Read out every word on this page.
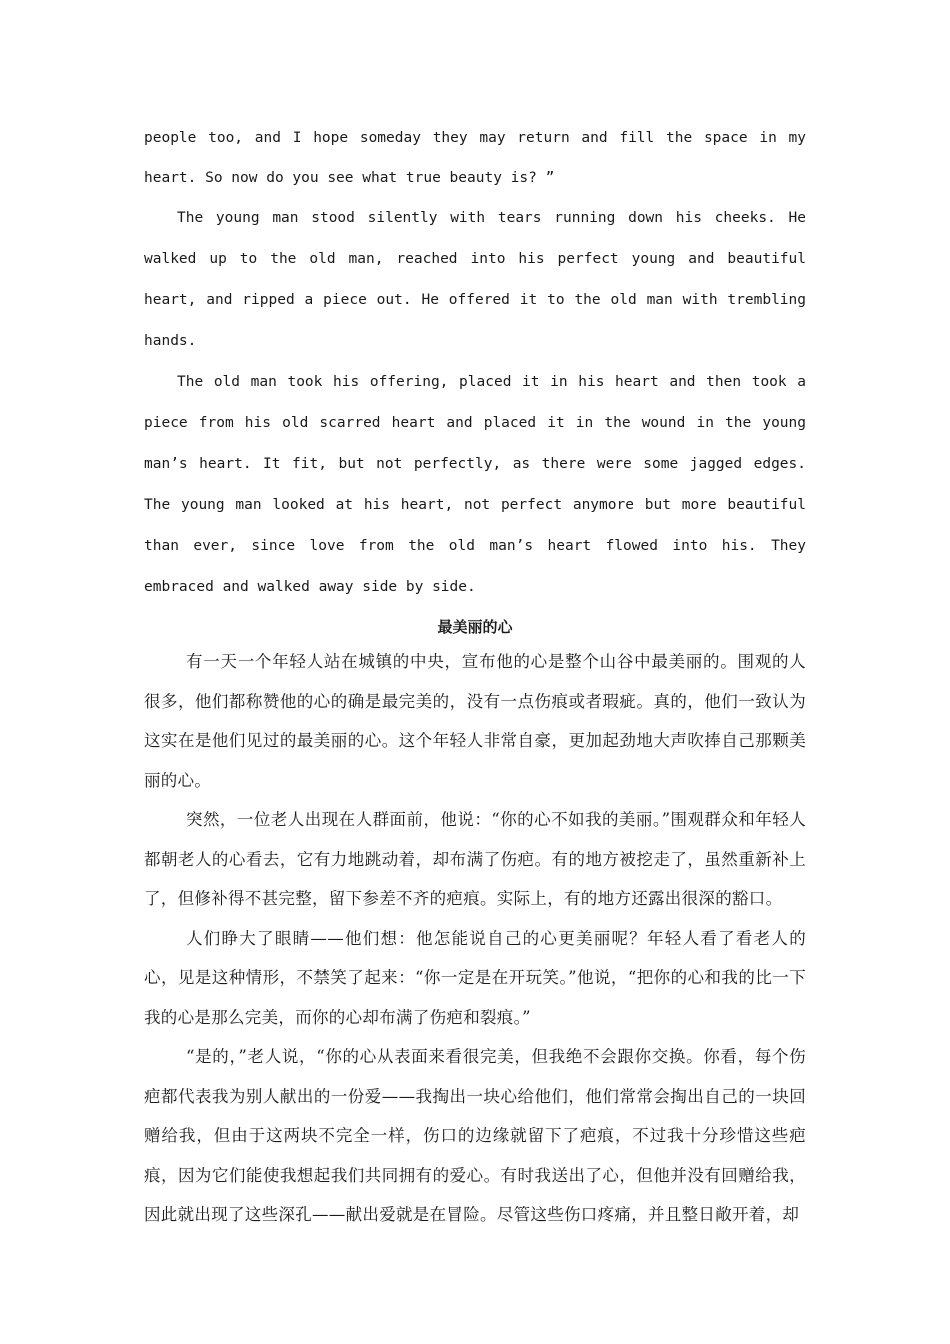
people too, and I hope someday they may return and fill the space in my heart. So now do you see what true beauty is? ”

The young man stood silently with tears running down his cheeks. He walked up to the old man, reached into his perfect young and beautiful heart, and ripped a piece out. He offered it to the old man with trembling hands.

The old man took his offering, placed it in his heart and then took a piece from his old scarred heart and placed it in the wound in the young man’s heart. It fit, but not perfectly, as there were some jagged edges. The young man looked at his heart, not perfect anymore but more beautiful than ever, since love from the old man’s heart flowed into his. They embraced and walked away side by side.

最美丽的心

有一天一个年轻人站在城镇的中央，宣布他的心是整个山谷中最美丽的。围观的人很多，他们都称赞他的心的确是最完美的，没有一点伤痕或者瑕疵。真的，他们一致认为这实在是他们见过的最美丽的心。这个年轻人非常自豪，更加起劲地大声吹捧自己那颗美丽的心。

突然，一位老人出现在人群面前，他说：“你的心不如我的美丽。”围观群众和年轻人都朝老人的心看去，它有力地跳动着，却布满了伤疤。有的地方被挖走了，虽然重新补上了，但修补得不甚完整，留下参差不齐的疤痕。实际上，有的地方还露出很深的豁口。

人们睁大了眼睛——他们想：他怎能说自己的心更美丽呢？年轻人看了看老人的心，见是这种情形，不禁笑了起来：“你一定是在开玩笑。”他说，“把你的心和我的比一下我的心是那么完美，而你的心却布满了伤疤和裂痕。”

“是的，”老人说，“你的心从表面来看很完美，但我绝不会跟你交换。你看，每个伤疤都代表我为别人献出的一份爱——我掏出一块心给他们，他们常常会掏出自己的一块回赠给我，但由于这两块不完全一样，伤口的边缘就留下了疤痕，不过我十分珍惜这些疤痕，因为它们能使我想起我们共同拥有的爱心。有时我送出了心，但他并没有回赠给我，因此就出现了这些深孔——献出爱就是在冒险。尽管这些伤口疼痛，并且整日敞开着，却
